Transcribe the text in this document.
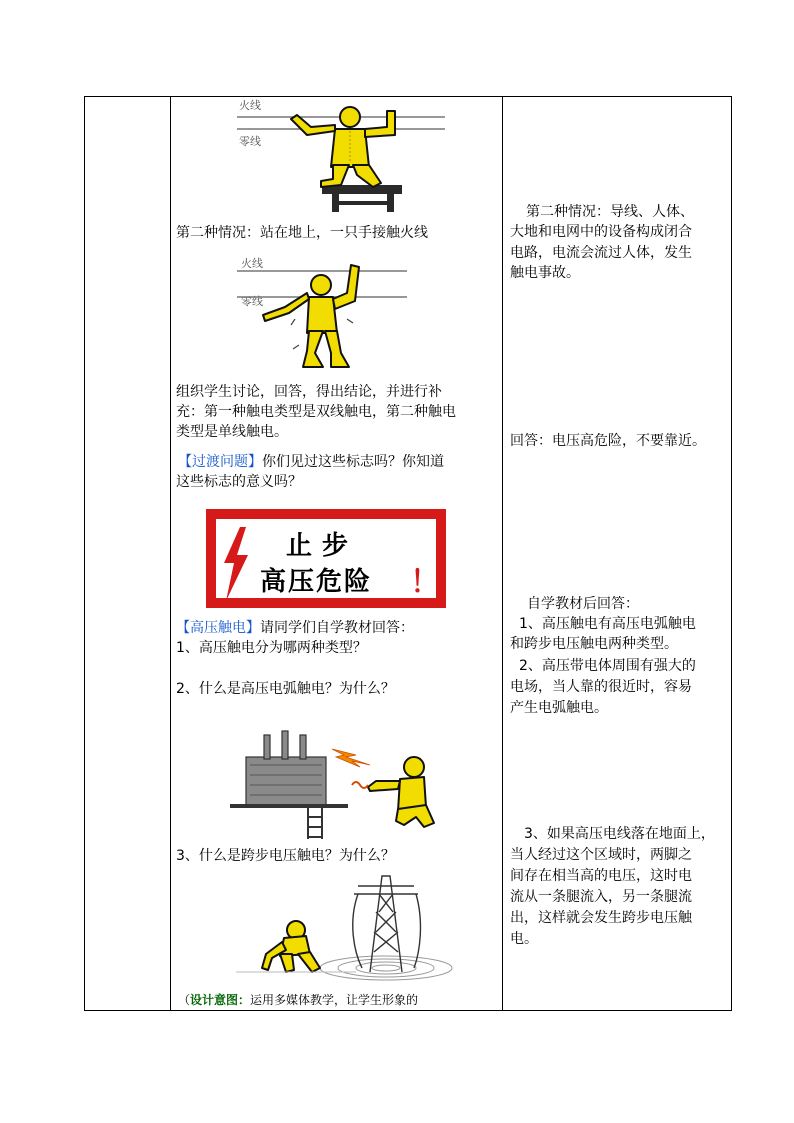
火线
零线
第二种情况：站在地上，一只手接触火线
火线
零线
组织学生讨论，回答，得出结论，并进行补
充：第一种触电类型是双线触电，第二种触电
类型是单线触电。
【过渡问题】你们见过这些标志吗？你知道
这些标志的意义吗？
止步
高压危险 ！
【高压触电】请同学们自学教材回答：
1、高压触电分为哪两种类型？
2、什么是高压电弧触电？为什么？
3、什么是跨步电压触电？为什么？
（设计意图：运用多媒体教学，让学生形象的
第二种情况：导线、人体、
大地和电网中的设备构成闭合
电路，电流会流过人体，发生
触电事故。
回答：电压高危险，不要靠近。
自学教材后回答：
1、高压触电有高压电弧触电
和跨步电压触电两种类型。
2、高压带电体周围有强大的
电场，当人靠的很近时，容易
产生电弧触电。
3、如果高压电线落在地面上，
当人经过这个区域时，两脚之
间存在相当高的电压，这时电
流从一条腿流入，另一条腿流
出，这样就会发生跨步电压触
电。
